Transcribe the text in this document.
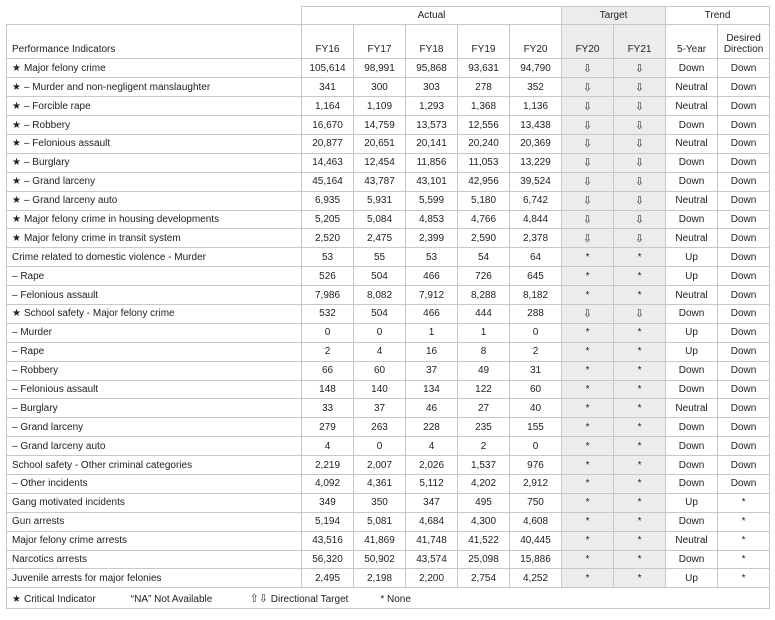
	Actual					Target		Trend	
Performance Indicators	FY16	FY17	FY18	FY19	FY20	FY20	FY21	5-Year	Desired
Direction
★ Major felony crime	105,614	98,991	95,868	93,631	94,790	⇩	⇩	Down	Down
★ – Murder and non-negligent manslaughter	341	300	303	278	352	⇩	⇩	Neutral	Down
★ – Forcible rape	1,164	1,109	1,293	1,368	1,136	⇩	⇩	Neutral	Down
★ – Robbery	16,670	14,759	13,573	12,556	13,438	⇩	⇩	Down	Down
★ – Felonious assault	20,877	20,651	20,141	20,240	20,369	⇩	⇩	Neutral	Down
★ – Burglary	14,463	12,454	11,856	11,053	13,229	⇩	⇩	Down	Down
★ – Grand larceny	45,164	43,787	43,101	42,956	39,524	⇩	⇩	Down	Down
★ – Grand larceny auto	6,935	5,931	5,599	5,180	6,742	⇩	⇩	Neutral	Down
★ Major felony crime in housing developments	5,205	5,084	4,853	4,766	4,844	⇩	⇩	Down	Down
★ Major felony crime in transit system	2,520	2,475	2,399	2,590	2,378	⇩	⇩	Neutral	Down
Crime related to domestic violence - Murder	53	55	53	54	64	*	*	Up	Down
– Rape	526	504	466	726	645	*	*	Up	Down
– Felonious assault	7,986	8,082	7,912	8,288	8,182	*	*	Neutral	Down
★ School safety - Major felony crime	532	504	466	444	288	⇩	⇩	Down	Down
– Murder	0	0	1	1	0	*	*	Up	Down
– Rape	2	4	16	8	2	*	*	Up	Down
– Robbery	66	60	37	49	31	*	*	Down	Down
– Felonious assault	148	140	134	122	60	*	*	Down	Down
– Burglary	33	37	46	27	40	*	*	Neutral	Down
– Grand larceny	279	263	228	235	155	*	*	Down	Down
– Grand larceny auto	4	0	4	2	0	*	*	Down	Down
School safety - Other criminal categories	2,219	2,007	2,026	1,537	976	*	*	Down	Down
– Other incidents	4,092	4,361	5,112	4,202	2,912	*	*	Down	Down
Gang motivated incidents	349	350	347	495	750	*	*	Up	*
Gun arrests	5,194	5,081	4,684	4,300	4,608	*	*	Down	*
Major felony crime arrests	43,516	41,869	41,748	41,522	40,445	*	*	Neutral	*
Narcotics arrests	56,320	50,902	43,574	25,098	15,886	*	*	Down	*
Juvenile arrests for major felonies	2,495	2,198	2,200	2,754	4,252	*	*	Up	*
★ Critical Indicator “NA” Not Available ⇧⇩ Directional Target * None									
